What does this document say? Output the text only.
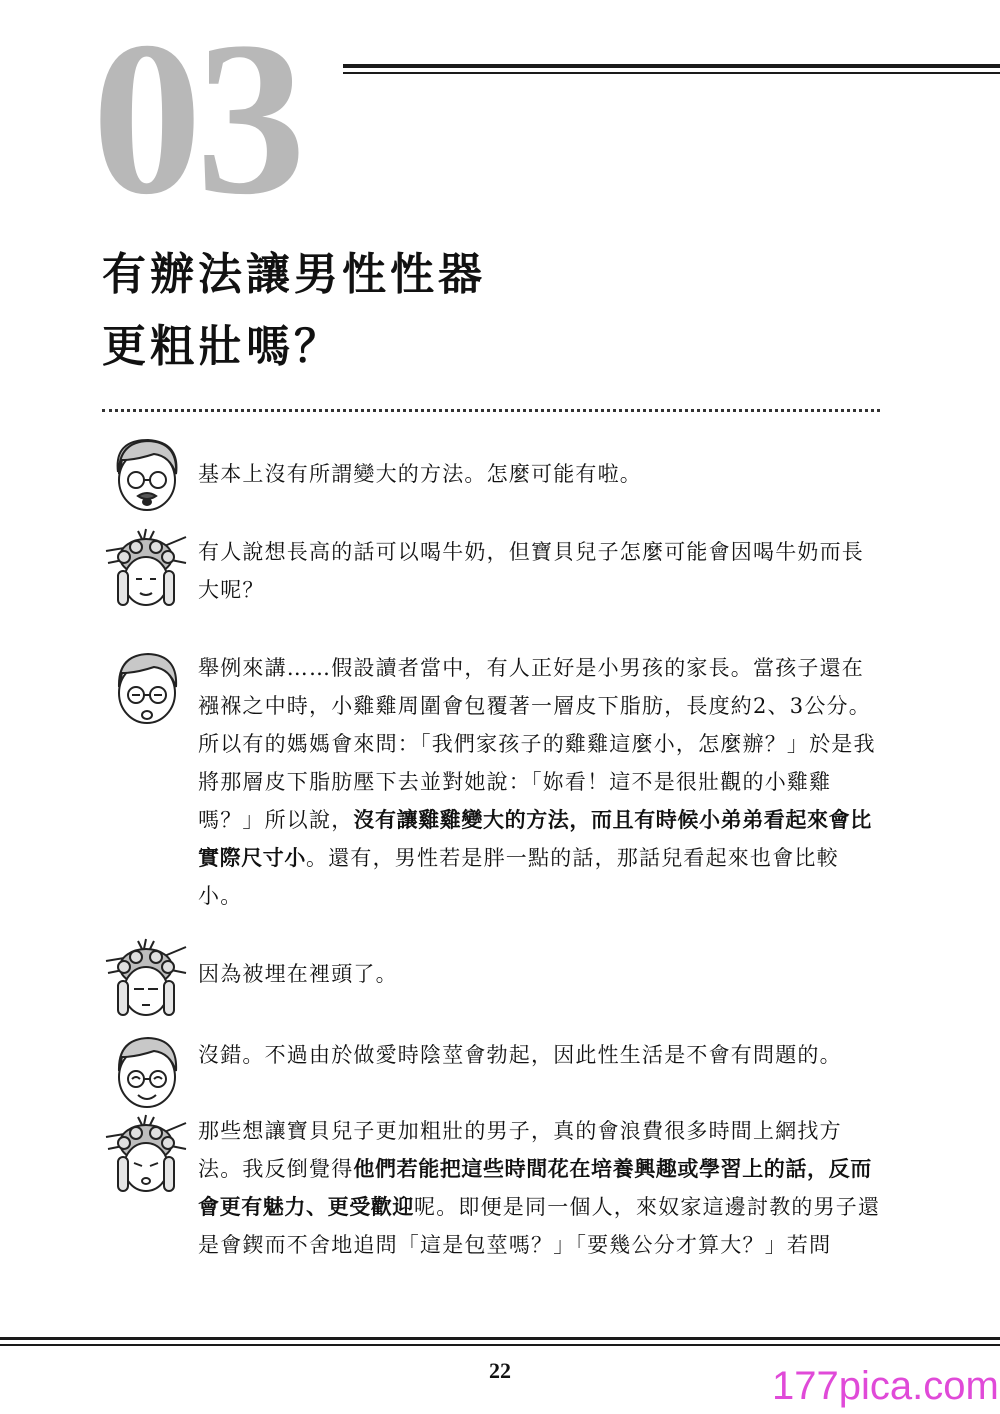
03
有辦法讓男性性器
更粗壯嗎？

基本上沒有所謂變大的方法。怎麼可能有啦。

有人說想長高的話可以喝牛奶，但寶貝兒子怎麼可能會因喝牛奶而長大呢？

舉例來講……假設讀者當中，有人正好是小男孩的家長。當孩子還在襁褓之中時，小雞雞周圍會包覆著一層皮下脂肪，長度約2、3公分。所以有的媽媽會來問：「我們家孩子的雞雞這麼小，怎麼辦？」於是我將那層皮下脂肪壓下去並對她說：「妳看！這不是很壯觀的小雞雞嗎？」所以說，沒有讓雞雞變大的方法，而且有時候小弟弟看起來會比實際尺寸小。還有，男性若是胖一點的話，那話兒看起來也會比較小。

因為被埋在裡頭了。

沒錯。不過由於做愛時陰莖會勃起，因此性生活是不會有問題的。

那些想讓寶貝兒子更加粗壯的男子，真的會浪費很多時間上網找方法。我反倒覺得他們若能把這些時間花在培養興趣或學習上的話，反而會更有魅力、更受歡迎呢。即便是同一個人，來奴家這邊討教的男子還是會鍥而不舍地追問「這是包莖嗎？」「要幾公分才算大？」若問

22	177pica.com
